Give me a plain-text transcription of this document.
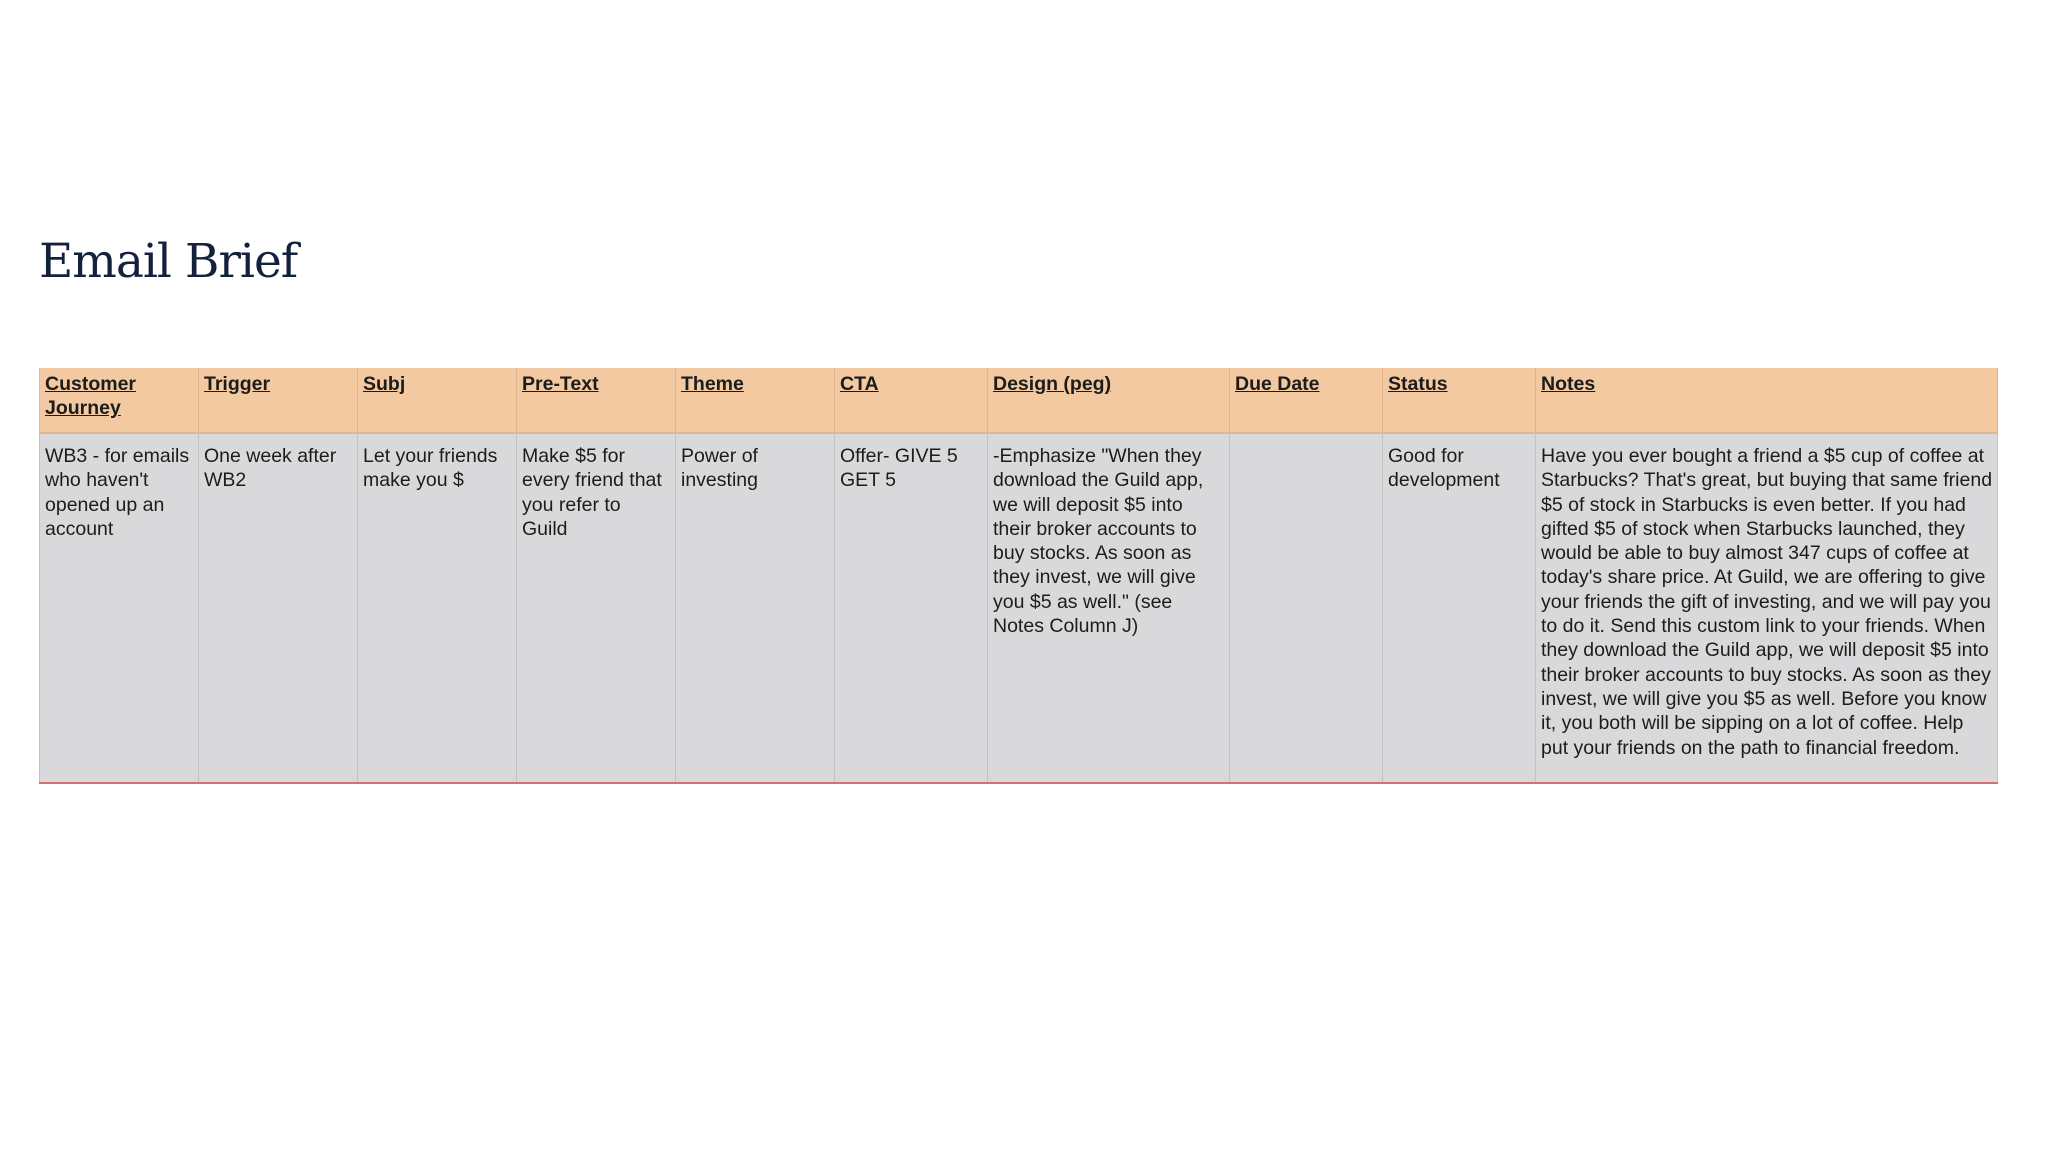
Email Brief
Customer Journey	Trigger	Subj	Pre-Text	Theme	CTA	Design (peg)	Due Date	Status	Notes
WB3 - for emails who haven't opened up an account	One week after WB2	Let your friends make you $	Make $5 for every friend that you refer to Guild	Power of investing	Offer- GIVE 5 GET 5	-Emphasize "When they download the Guild app, we will deposit $5 into their broker accounts to buy stocks. As soon as they invest, we will give you $5 as well." (see Notes Column J)		Good for development	Have you ever bought a friend a $5 cup of coffee at Starbucks? That's great, but buying that same friend $5 of stock in Starbucks is even better. If you had gifted $5 of stock when Starbucks launched, they would be able to buy almost 347 cups of coffee at today's share price. At Guild, we are offering to give your friends the gift of investing, and we will pay you to do it. Send this custom link to your friends. When they download the Guild app, we will deposit $5 into their broker accounts to buy stocks. As soon as they invest, we will give you $5 as well. Before you know it, you both will be sipping on a lot of coffee. Help put your friends on the path to financial freedom.
